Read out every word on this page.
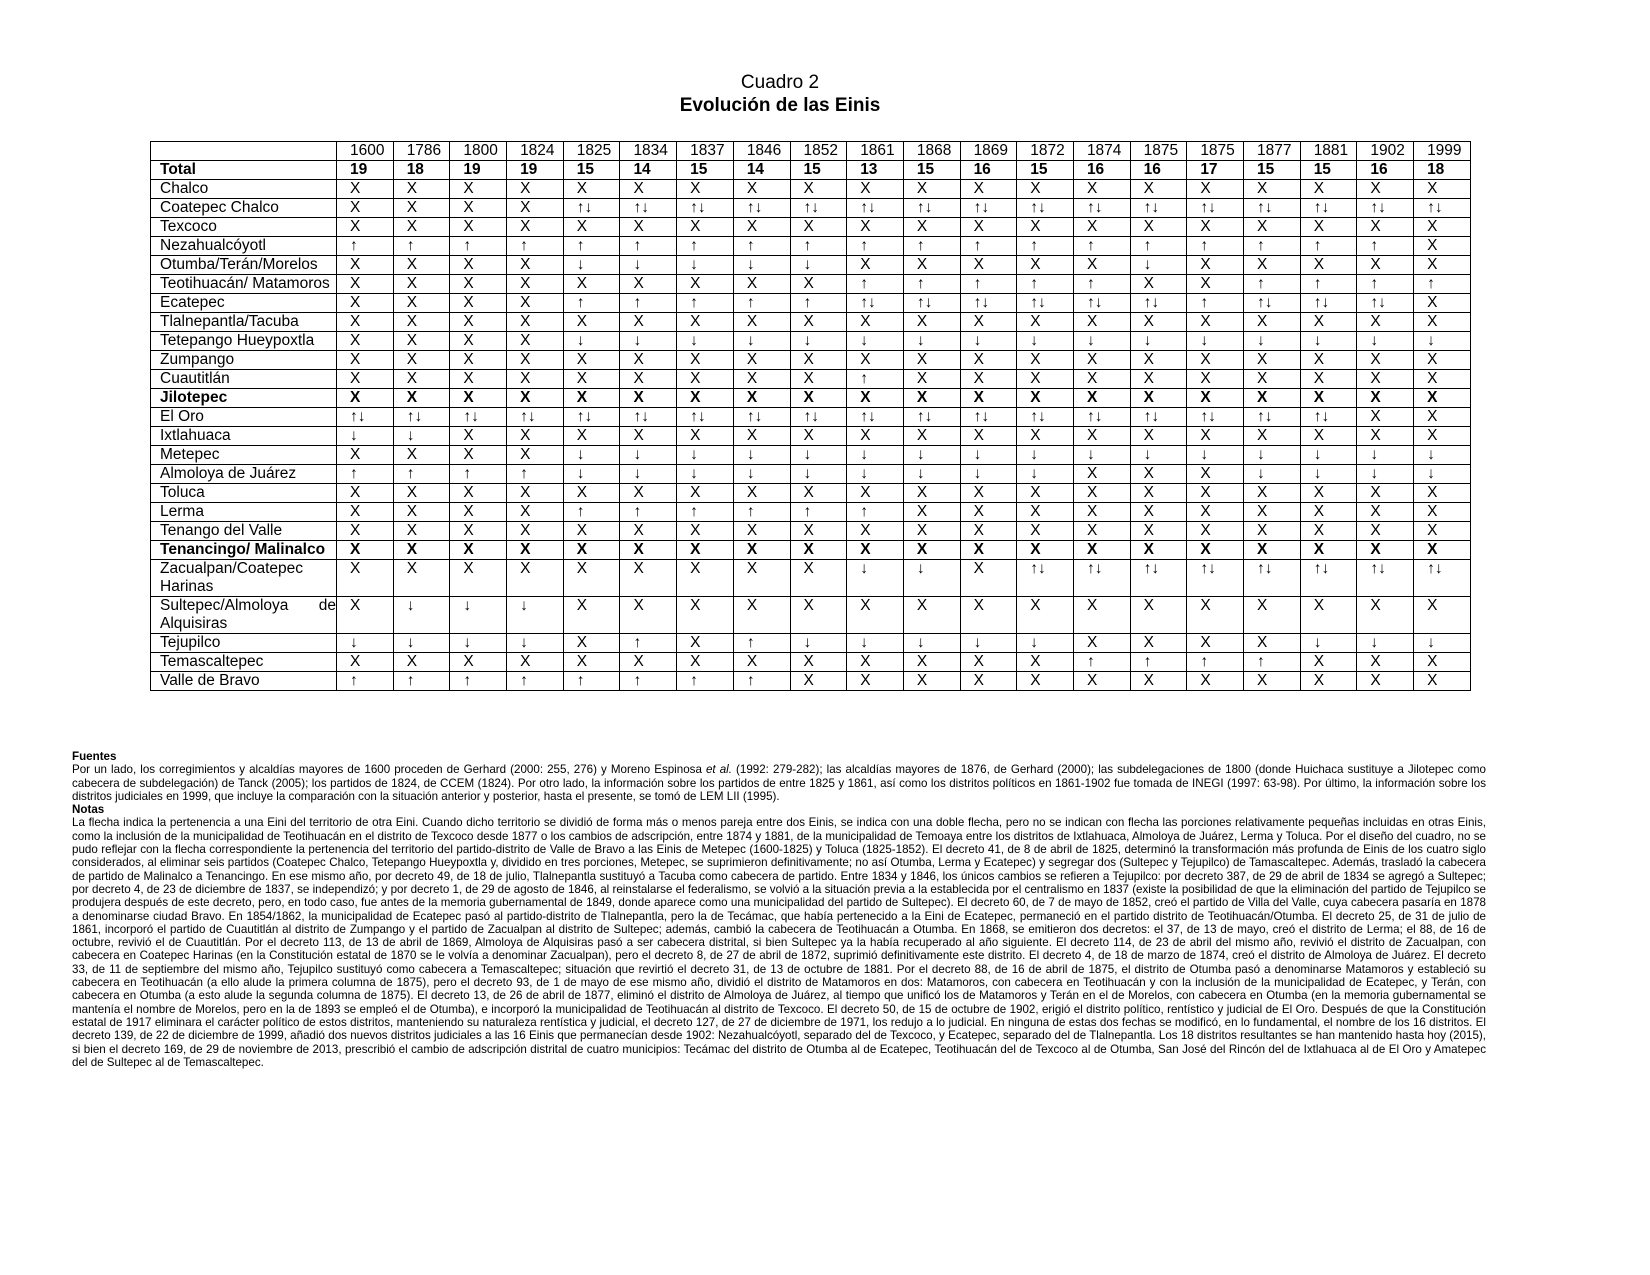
Cuadro 2
Evolución de las Einis
	1600	1786	1800	1824	1825	1834	1837	1846	1852	1861	1868	1869	1872	1874	1875	1875	1877	1881	1902	1999
Total	19	18	19	19	15	14	15	14	15	13	15	16	15	16	16	17	15	15	16	18
Chalco	X	X	X	X	X	X	X	X	X	X	X	X	X	X	X	X	X	X	X	X
Coatepec Chalco	X	X	X	X	↑↓	↑↓	↑↓	↑↓	↑↓	↑↓	↑↓	↑↓	↑↓	↑↓	↑↓	↑↓	↑↓	↑↓	↑↓	↑↓
Texcoco	X	X	X	X	X	X	X	X	X	X	X	X	X	X	X	X	X	X	X	X
Nezahualcóyotl	↑	↑	↑	↑	↑	↑	↑	↑	↑	↑	↑	↑	↑	↑	↑	↑	↑	↑	↑	X
Otumba/Terán/Morelos	X	X	X	X	↓	↓	↓	↓	↓	X	X	X	X	X	↓	X	X	X	X	X
Teotihuacán/ Matamoros	X	X	X	X	X	X	X	X	X	↑	↑	↑	↑	↑	X	X	↑	↑	↑	↑
Ecatepec	X	X	X	X	↑	↑	↑	↑	↑	↑↓	↑↓	↑↓	↑↓	↑↓	↑↓	↑	↑↓	↑↓	↑↓	X
Tlalnepantla/Tacuba	X	X	X	X	X	X	X	X	X	X	X	X	X	X	X	X	X	X	X	X
Tetepango Hueypoxtla	X	X	X	X	↓	↓	↓	↓	↓	↓	↓	↓	↓	↓	↓	↓	↓	↓	↓	↓
Zumpango	X	X	X	X	X	X	X	X	X	X	X	X	X	X	X	X	X	X	X	X
Cuautitlán	X	X	X	X	X	X	X	X	X	↑	X	X	X	X	X	X	X	X	X	X
Jilotepec	X	X	X	X	X	X	X	X	X	X	X	X	X	X	X	X	X	X	X	X
El Oro	↑↓	↑↓	↑↓	↑↓	↑↓	↑↓	↑↓	↑↓	↑↓	↑↓	↑↓	↑↓	↑↓	↑↓	↑↓	↑↓	↑↓	↑↓	X	X
Ixtlahuaca	↓	↓	X	X	X	X	X	X	X	X	X	X	X	X	X	X	X	X	X	X
Metepec	X	X	X	X	↓	↓	↓	↓	↓	↓	↓	↓	↓	↓	↓	↓	↓	↓	↓	↓
Almoloya de Juárez	↑	↑	↑	↑	↓	↓	↓	↓	↓	↓	↓	↓	↓	X	X	X	↓	↓	↓	↓
Toluca	X	X	X	X	X	X	X	X	X	X	X	X	X	X	X	X	X	X	X	X
Lerma	X	X	X	X	↑	↑	↑	↑	↑	↑	X	X	X	X	X	X	X	X	X	X
Tenango del Valle	X	X	X	X	X	X	X	X	X	X	X	X	X	X	X	X	X	X	X	X
Tenancingo/ Malinalco	X	X	X	X	X	X	X	X	X	X	X	X	X	X	X	X	X	X	X	X
Zacualpan/Coatepec Harinas	X	X	X	X	X	X	X	X	X	↓	↓	X	↑↓	↑↓	↑↓	↑↓	↑↓	↑↓	↑↓	↑↓
Sultepec/Almoloya de Alquisiras	X	↓	↓	↓	X	X	X	X	X	X	X	X	X	X	X	X	X	X	X	X
Tejupilco	↓	↓	↓	↓	X	↑	X	↑	↓	↓	↓	↓	↓	X	X	X	X	↓	↓	↓
Temascaltepec	X	X	X	X	X	X	X	X	X	X	X	X	X	↑	↑	↑	↑	X	X	X
Valle de Bravo	↑	↑	↑	↑	↑	↑	↑	↑	X	X	X	X	X	X	X	X	X	X	X	X
Fuentes

Por un lado, los corregimientos y alcaldías mayores de 1600 proceden de Gerhard (2000: 255, 276) y Moreno Espinosa et al. (1992: 279-282); las alcaldías mayores de 1876, de Gerhard (2000); las subdelegaciones de 1800 (donde Huichaca sustituye a Jilotepec como cabecera de subdelegación) de Tanck (2005); los partidos de 1824, de CCEM (1824). Por otro lado, la información sobre los partidos de entre 1825 y 1861, así como los distritos políticos en 1861-1902 fue tomada de INEGI (1997: 63-98). Por último, la información sobre los distritos judiciales en 1999, que incluye la comparación con la situación anterior y posterior, hasta el presente, se tomó de LEM LII (1995).

Notas

La flecha indica la pertenencia a una Eini del territorio de otra Eini. Cuando dicho territorio se dividió de forma más o menos pareja entre dos Einis, se indica con una doble flecha, pero no se indican con flecha las porciones relativamente pequeñas incluidas en otras Einis, como la inclusión de la municipalidad de Teotihuacán en el distrito de Texcoco desde 1877 o los cambios de adscripción, entre 1874 y 1881, de la municipalidad de Temoaya entre los distritos de Ixtlahuaca, Almoloya de Juárez, Lerma y Toluca. Por el diseño del cuadro, no se pudo reflejar con la flecha correspondiente la pertenencia del territorio del partido-distrito de Valle de Bravo a las Einis de Metepec (1600-1825) y Toluca (1825-1852). El decreto 41, de 8 de abril de 1825, determinó la transformación más profunda de Einis de los cuatro siglo considerados, al eliminar seis partidos (Coatepec Chalco, Tetepango Hueypoxtla y, dividido en tres porciones, Metepec, se suprimieron definitivamente; no así Otumba, Lerma y Ecatepec) y segregar dos (Sultepec y Tejupilco) de Tamascaltepec. Además, trasladó la cabecera de partido de Malinalco a Tenancingo. En ese mismo año, por decreto 49, de 18 de julio, Tlalnepantla sustituyó a Tacuba como cabecera de partido. Entre 1834 y 1846, los únicos cambios se refieren a Tejupilco: por decreto 387, de 29 de abril de 1834 se agregó a Sultepec; por decreto 4, de 23 de diciembre de 1837, se independizó; y por decreto 1, de 29 de agosto de 1846, al reinstalarse el federalismo, se volvió a la situación previa a la establecida por el centralismo en 1837 (existe la posibilidad de que la eliminación del partido de Tejupilco se produjera después de este decreto, pero, en todo caso, fue antes de la memoria gubernamental de 1849, donde aparece como una municipalidad del partido de Sultepec). El decreto 60, de 7 de mayo de 1852, creó el partido de Villa del Valle, cuya cabecera pasaría en 1878 a denominarse ciudad Bravo. En 1854/1862, la municipalidad de Ecatepec pasó al partido-distrito de Tlalnepantla, pero la de Tecámac, que había pertenecido a la Eini de Ecatepec, permaneció en el partido distrito de Teotihuacán/Otumba. El decreto 25, de 31 de julio de 1861, incorporó el partido de Cuautitlán al distrito de Zumpango y el partido de Zacualpan al distrito de Sultepec; además, cambió la cabecera de Teotihuacán a Otumba. En 1868, se emitieron dos decretos: el 37, de 13 de mayo, creó el distrito de Lerma; el 88, de 16 de octubre, revivió el de Cuautitlán. Por el decreto 113, de 13 de abril de 1869, Almoloya de Alquisiras pasó a ser cabecera distrital, si bien Sultepec ya la había recuperado al año siguiente. El decreto 114, de 23 de abril del mismo año, revivió el distrito de Zacualpan, con cabecera en Coatepec Harinas (en la Constitución estatal de 1870 se le volvía a denominar Zacualpan), pero el decreto 8, de 27 de abril de 1872, suprimió definitivamente este distrito. El decreto 4, de 18 de marzo de 1874, creó el distrito de Almoloya de Juárez. El decreto 33, de 11 de septiembre del mismo año, Tejupilco sustituyó como cabecera a Temascaltepec; situación que revirtió el decreto 31, de 13 de octubre de 1881. Por el decreto 88, de 16 de abril de 1875, el distrito de Otumba pasó a denominarse Matamoros y estableció su cabecera en Teotihuacán (a ello alude la primera columna de 1875), pero el decreto 93, de 1 de mayo de ese mismo año, dividió el distrito de Matamoros en dos: Matamoros, con cabecera en Teotihuacán y con la inclusión de la municipalidad de Ecatepec, y Terán, con cabecera en Otumba (a esto alude la segunda columna de 1875). El decreto 13, de 26 de abril de 1877, eliminó el distrito de Almoloya de Juárez, al tiempo que unificó los de Matamoros y Terán en el de Morelos, con cabecera en Otumba (en la memoria gubernamental se mantenía el nombre de Morelos, pero en la de 1893 se empleó el de Otumba), e incorporó la municipalidad de Teotihuacán al distrito de Texcoco. El decreto 50, de 15 de octubre de 1902, erigió el distrito político, rentístico y judicial de El Oro. Después de que la Constitución estatal de 1917 eliminara el carácter político de estos distritos, manteniendo su naturaleza rentística y judicial, el decreto 127, de 27 de diciembre de 1971, los redujo a lo judicial. En ninguna de estas dos fechas se modificó, en lo fundamental, el nombre de los 16 distritos. El decreto 139, de 22 de diciembre de 1999, añadió dos nuevos distritos judiciales a las 16 Einis que permanecían desde 1902: Nezahualcóyotl, separado del de Texcoco, y Ecatepec, separado del de Tlalnepantla. Los 18 distritos resultantes se han mantenido hasta hoy (2015), si bien el decreto 169, de 29 de noviembre de 2013, prescribió el cambio de adscripción distrital de cuatro municipios: Tecámac del distrito de Otumba al de Ecatepec, Teotihuacán del de Texcoco al de Otumba, San José del Rincón del de Ixtlahuaca al de El Oro y Amatepec del de Sultepec al de Temascaltepec.
